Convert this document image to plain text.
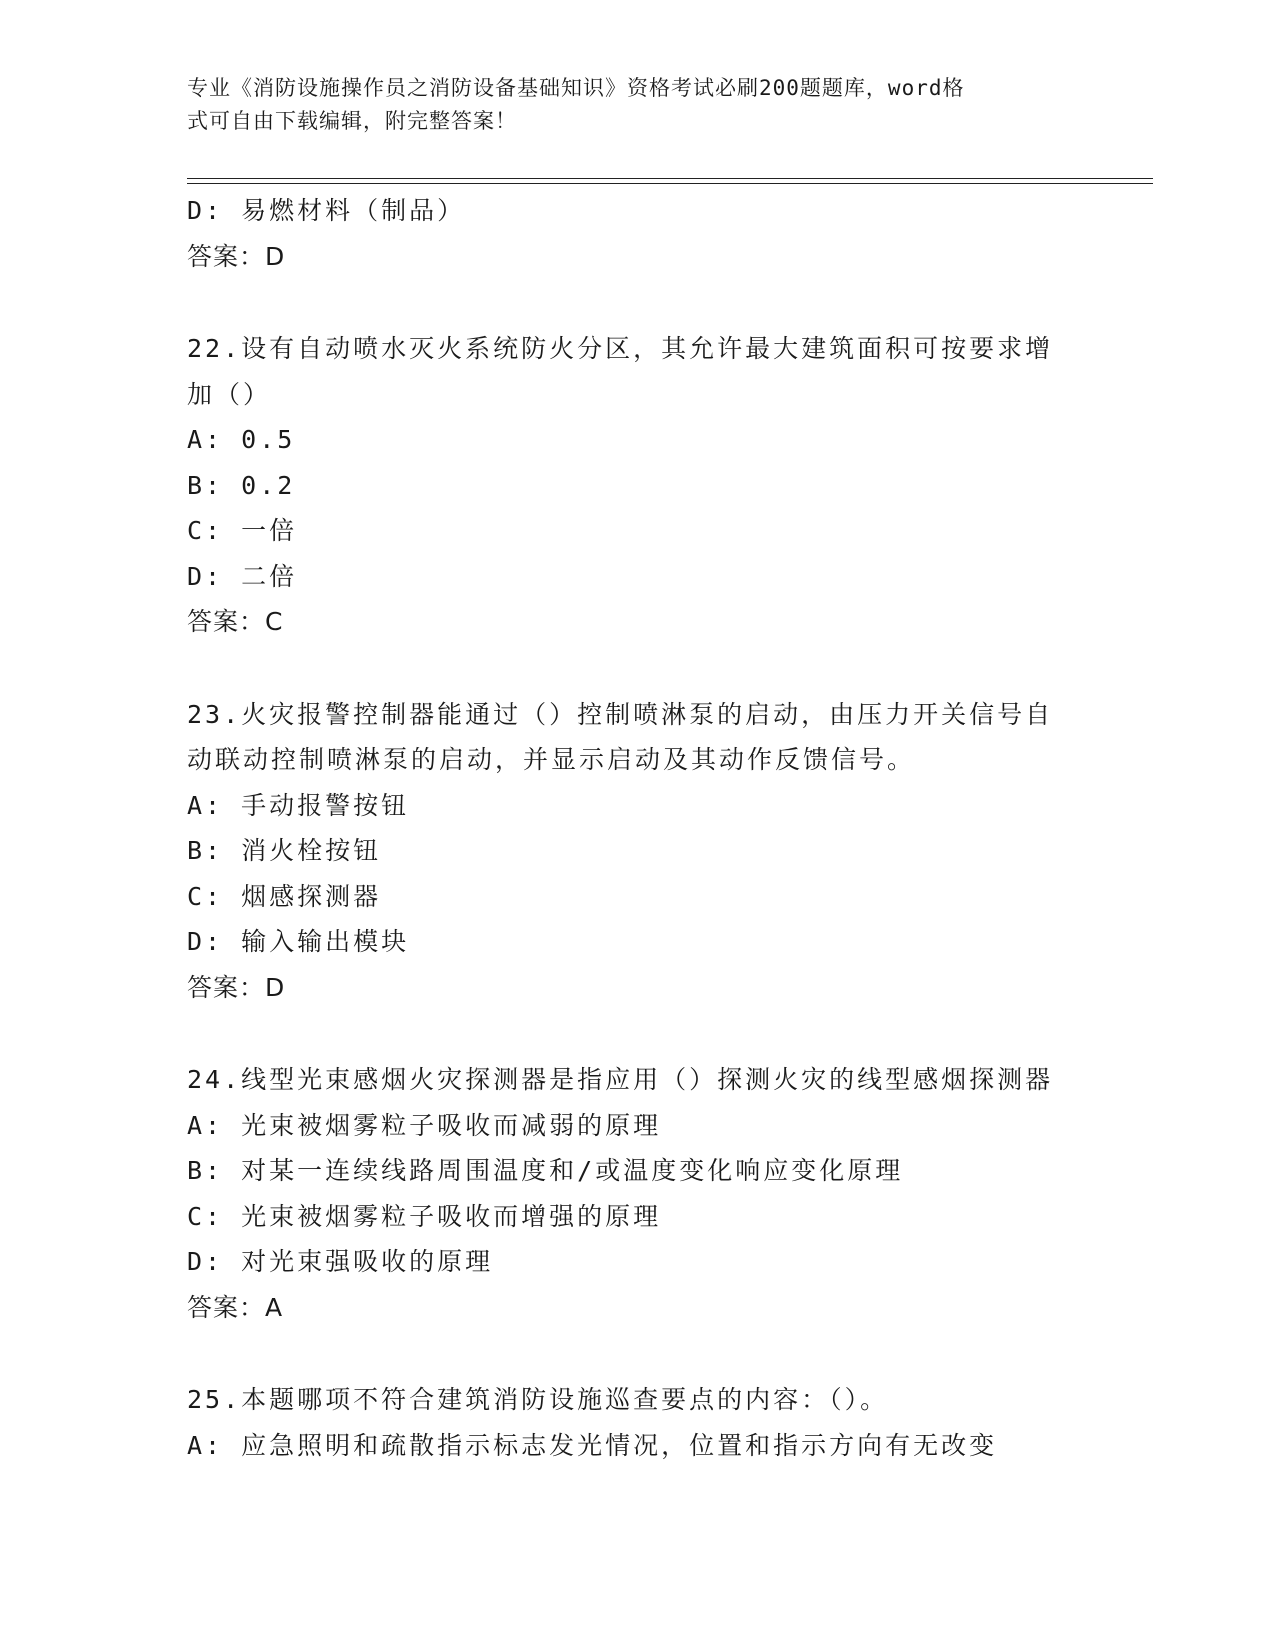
专业《消防设施操作员之消防设备基础知识》资格考试必刷200题题库，word格
式可自由下载编辑，附完整答案！
D: 易燃材料（制品）
答案：D
22.设有自动喷水灭火系统防火分区，其允许最大建筑面积可按要求增
加（）
A: 0.5
B: 0.2
C: 一倍
D: 二倍
答案：C
23.火灾报警控制器能通过（）控制喷淋泵的启动，由压力开关信号自
动联动控制喷淋泵的启动，并显示启动及其动作反馈信号。
A: 手动报警按钮
B: 消火栓按钮
C: 烟感探测器
D: 输入输出模块
答案：D
24.线型光束感烟火灾探测器是指应用（）探测火灾的线型感烟探测器
A: 光束被烟雾粒子吸收而减弱的原理
B: 对某一连续线路周围温度和/或温度变化响应变化原理
C: 光束被烟雾粒子吸收而增强的原理
D: 对光束强吸收的原理
答案：A
25.本题哪项不符合建筑消防设施巡查要点的内容：（）。
A: 应急照明和疏散指示标志发光情况，位置和指示方向有无改变
